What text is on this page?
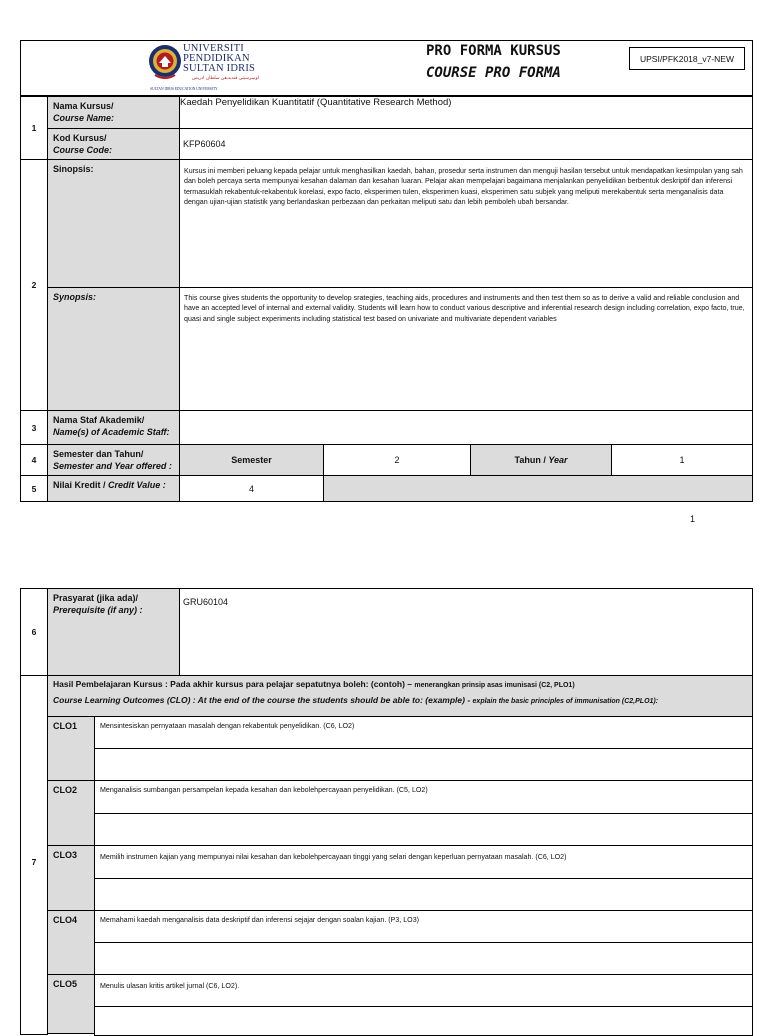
UNIVERSITI
PENDIDIKAN
SULTAN IDRIS
اونيبرسيتي ڤنديديقن سلطان ادريس
SULTAN IDRIS EDUCATION UNIVERSITY
PRO FORMA KURSUS
COURSE PRO FORMA
UPSI/PFK2018_v7-NEW
1
Nama Kursus/
Course Name:
Kaedah Penyelidikan Kuantitatif (Quantitative Research Method)
Kod Kursus/
Course Code:
KFP60604
2
Sinopsis:	Kursus ini memberi peluang kepada pelajar untuk menghasilkan kaedah, bahan, prosedur serta instrumen dan menguji hasilan tersebut untuk mendapatkan kesimpulan yang sah dan boleh percaya serta mempunyai kesahan dalaman dan kesahan luaran. Pelajar akan mempelajari bagaimana menjalankan penyelidikan berbentuk deskriptif dan inferensi termasuklah rekabentuk-rekabentuk korelasi, expo facto, eksperimen tulen, eksperimen kuasi, eksperimen satu subjek yang meliputi merekabentuk serta menganalisis data dengan ujian-ujian statistik yang berlandaskan perbezaan dan perkaitan meliputi satu dan lebih pemboleh ubah bersandar.
Synopsis:	This course gives students the opportunity to develop srategies, teaching aids, procedures and instruments and then test them so as to derive a valid and reliable conclusion and have an accepted level of internal and external validity. Students will learn how to conduct various descriptive and inferential research design including correlation, expo facto, true, quasi and single subject experiments including statistical test based on univariate and multivariate dependent variables
3
Nama Staf Akademik/
Name(s) of Academic Staff:
4
Semester dan Tahun/
Semester and Year offered :
Semester	2	Tahun / Year	1
5	Nilai Kredit / Credit Value :	4
1
6
Prasyarat (jika ada)/
Prerequisite (if any) :
GRU60104
7
Hasil Pembelajaran Kursus : Pada akhir kursus para pelajar sepatutnya boleh: (contoh) – menerangkan prinsip asas imunisasi (C2, PLO1)
Course Learning Outcomes (CLO) : At the end of the course the students should be able to: (example) - explain the basic principles of immunisation (C2,PLO1):
CLO1	Mensintesiskan pernyataan masalah dengan rekabentuk penyelidikan. (C6, LO2)
CLO2	Menganalisis sumbangan persampelan kepada kesahan dan kebolehpercayaan penyelidikan. (C5, LO2)
CLO3	Memilih instrumen kajian yang mempunyai nilai kesahan dan kebolehpercayaan tinggi yang selari dengan keperluan pernyataan masalah. (C6, LO2)
CLO4	Memahami kaedah menganalisis data deskriptif dan inferensi sejajar dengan soalan kajian. (P3, LO3)
CLO5	Menulis ulasan kritis artikel jurnal (C6, LO2).
